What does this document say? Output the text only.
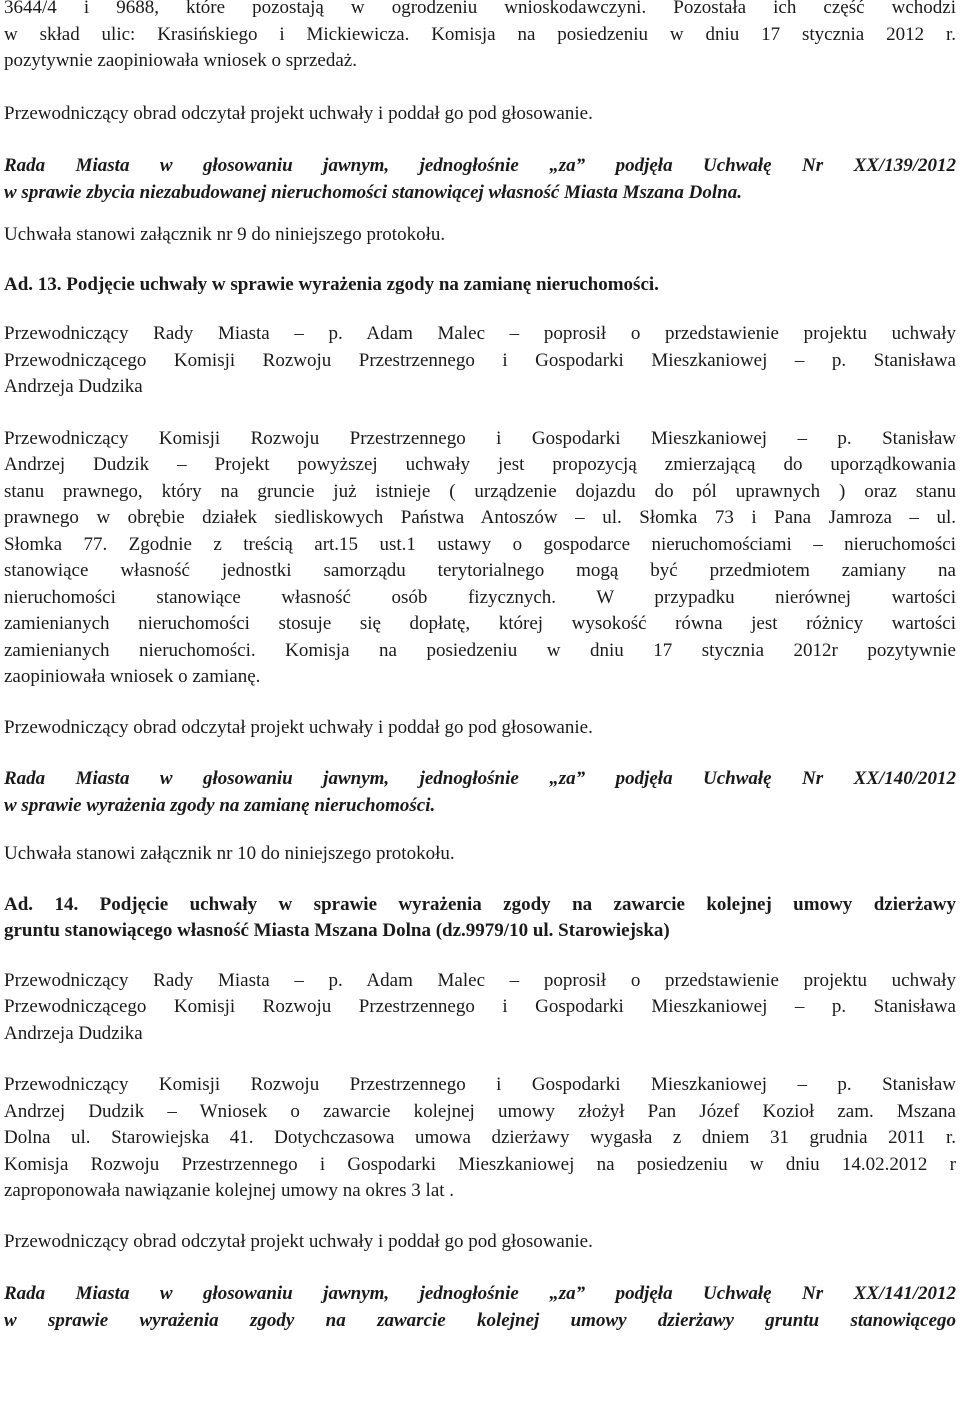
3644/4 i 9688, które pozostają w ogrodzeniu wnioskodawczyni. Pozostała ich część wchodzi
w skład ulic: Krasińskiego i Mickiewicza. Komisja na posiedzeniu w dniu 17 stycznia 2012 r.
pozytywnie zaopiniowała wniosek o sprzedaż.
Przewodniczący obrad odczytał projekt uchwały i poddał go pod głosowanie.
Rada Miasta w głosowaniu jawnym, jednogłośnie „za” podjęła Uchwałę Nr XX/139/2012
w sprawie zbycia niezabudowanej nieruchomości stanowiącej własność Miasta Mszana Dolna.
Uchwała stanowi załącznik nr 9 do niniejszego protokołu.
Ad. 13. Podjęcie uchwały w sprawie wyrażenia zgody na zamianę nieruchomości.
Przewodniczący Rady Miasta – p. Adam Malec – poprosił o przedstawienie projektu uchwały
Przewodniczącego Komisji Rozwoju Przestrzennego i Gospodarki Mieszkaniowej – p. Stanisława
Andrzeja Dudzika
Przewodniczący Komisji Rozwoju Przestrzennego i Gospodarki Mieszkaniowej – p. Stanisław
Andrzej Dudzik – Projekt powyższej uchwały jest propozycją zmierzającą do uporządkowania
stanu prawnego, który na gruncie już istnieje ( urządzenie dojazdu do pól uprawnych ) oraz stanu
prawnego w obrębie działek siedliskowych Państwa Antoszów – ul. Słomka 73 i Pana Jamroza – ul.
Słomka 77. Zgodnie z treścią art.15 ust.1 ustawy o gospodarce nieruchomościami – nieruchomości
stanowiące własność jednostki samorządu terytorialnego mogą być przedmiotem zamiany na
nieruchomości stanowiące własność osób fizycznych. W przypadku nierównej wartości
zamienianych nieruchomości stosuje się dopłatę, której wysokość równa jest różnicy wartości
zamienianych nieruchomości. Komisja na posiedzeniu w dniu 17 stycznia 2012r pozytywnie
zaopiniowała wniosek o zamianę.
Przewodniczący obrad odczytał projekt uchwały i poddał go pod głosowanie.
Rada Miasta w głosowaniu jawnym, jednogłośnie „za” podjęła Uchwałę Nr XX/140/2012
w sprawie wyrażenia zgody na zamianę nieruchomości.
Uchwała stanowi załącznik nr 10 do niniejszego protokołu.
Ad. 14. Podjęcie uchwały w sprawie wyrażenia zgody na zawarcie kolejnej umowy dzierżawy
gruntu stanowiącego własność Miasta Mszana Dolna (dz.9979/10 ul. Starowiejska)
Przewodniczący Rady Miasta – p. Adam Malec – poprosił o przedstawienie projektu uchwały
Przewodniczącego Komisji Rozwoju Przestrzennego i Gospodarki Mieszkaniowej – p. Stanisława
Andrzeja Dudzika
Przewodniczący Komisji Rozwoju Przestrzennego i Gospodarki Mieszkaniowej – p. Stanisław
Andrzej Dudzik – Wniosek o zawarcie kolejnej umowy złożył Pan Józef Kozioł zam. Mszana
Dolna ul. Starowiejska 41. Dotychczasowa umowa dzierżawy wygasła z dniem 31 grudnia 2011 r.
Komisja Rozwoju Przestrzennego i Gospodarki Mieszkaniowej na posiedzeniu w dniu 14.02.2012 r
zaproponowała nawiązanie kolejnej umowy na okres 3 lat .
Przewodniczący obrad odczytał projekt uchwały i poddał go pod głosowanie.
Rada Miasta w głosowaniu jawnym, jednogłośnie „za” podjęła Uchwałę Nr XX/141/2012
w sprawie wyrażenia zgody na zawarcie kolejnej umowy dzierżawy gruntu stanowiącego
